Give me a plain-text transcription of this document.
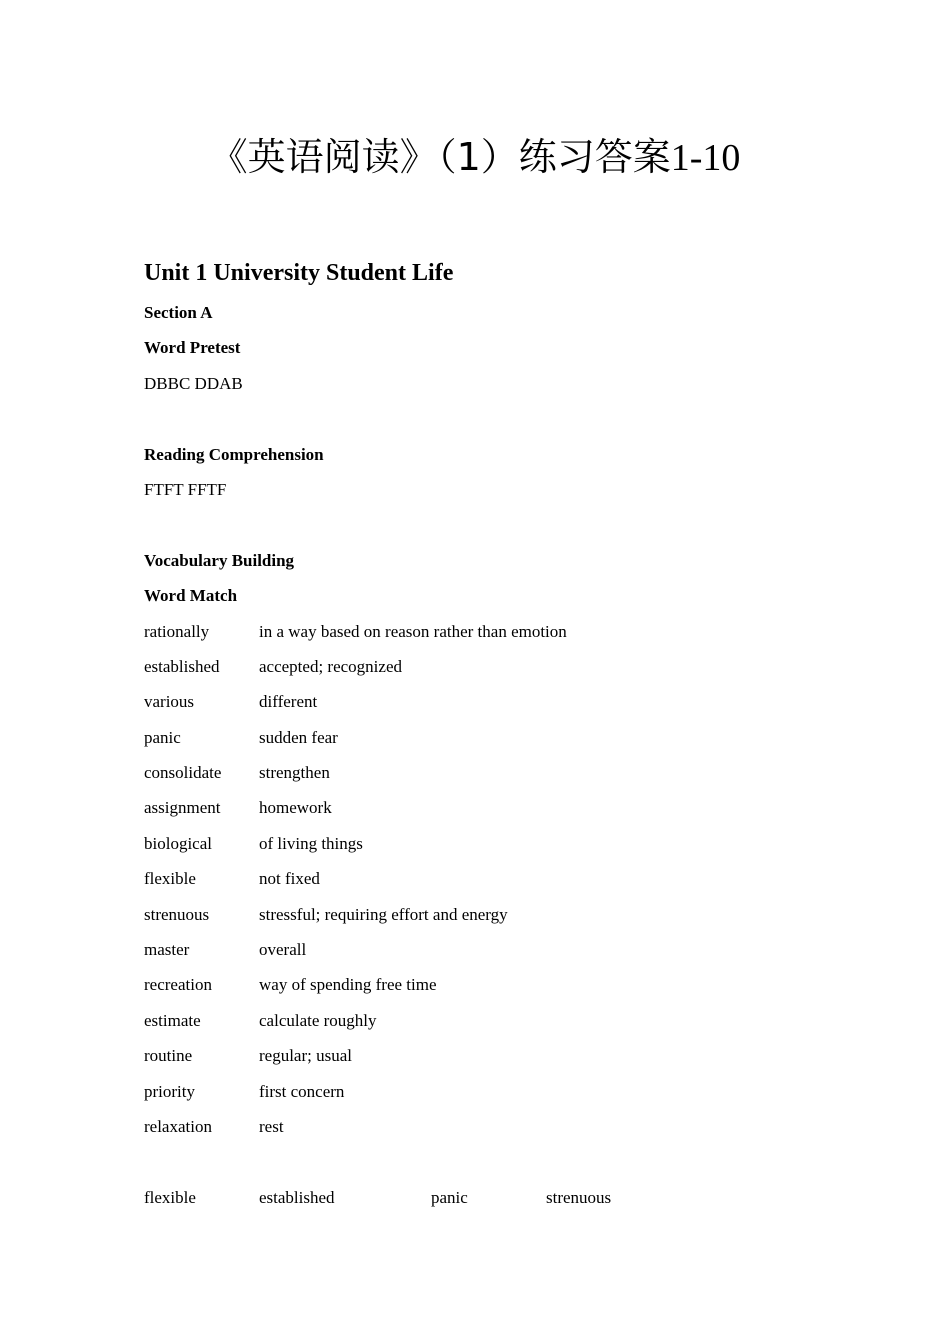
《英语阅读》（1）练习答案1-10
Unit 1 University Student Life
Section A
Word Pretest
DBBC DDAB
Reading Comprehension
FTFT FFTF
Vocabulary Building
Word Match
rationally	in a way based on reason rather than emotion
established	accepted; recognized
various	different
panic	sudden fear
consolidate	strengthen
assignment	homework
biological	of living things
flexible	not fixed
strenuous	stressful; requiring effort and energy
master	overall
recreation	way of spending free time
estimate	calculate roughly
routine	regular; usual
priority	first concern
relaxation	rest
flexible	established	panic	strenuous
